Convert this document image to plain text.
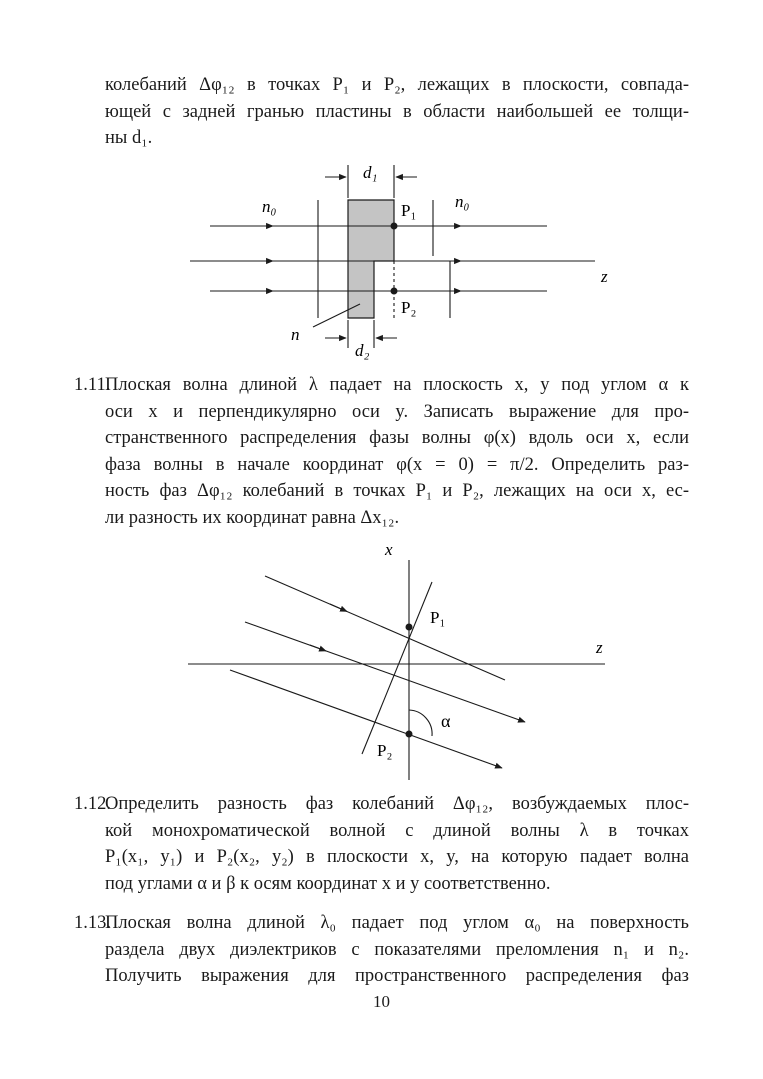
колебаний Δφ₁₂ в точках P₁ и P₂, лежащих в плоскости, совпада-
ющей с задней гранью пластины в области наибольшей ее толщи-
ны d₁.
d₁
d₂
n₀	n₀
n
P₁
P₂
z
1.11.
Плоская волна длиной λ падает на плоскость x, y под углом α к
оси x и перпендикулярно оси y. Записать выражение для про-
странственного распределения фазы волны φ(x) вдоль оси x, если
фаза волны в начале координат φ(x = 0) = π/2. Определить раз-
ность фаз Δφ₁₂ колебаний в точках P₁ и P₂, лежащих на оси x, ес-
ли разность их координат равна Δx₁₂.
x
z
P₁
P₂
α
1.12.
Определить разность фаз колебаний Δφ₁₂, возбуждаемых плос-
кой монохроматической волной с длиной волны λ в точках
P₁(x₁, y₁) и P₂(x₂, y₂) в плоскости x, y, на которую падает волна
под углами α и β к осям координат x и y соответственно.
1.13.
Плоская волна длиной λ₀ падает под углом α₀ на поверхность
раздела двух диэлектриков с показателями преломления n₁ и n₂.
Получить выражения для пространственного распределения фаз
10
